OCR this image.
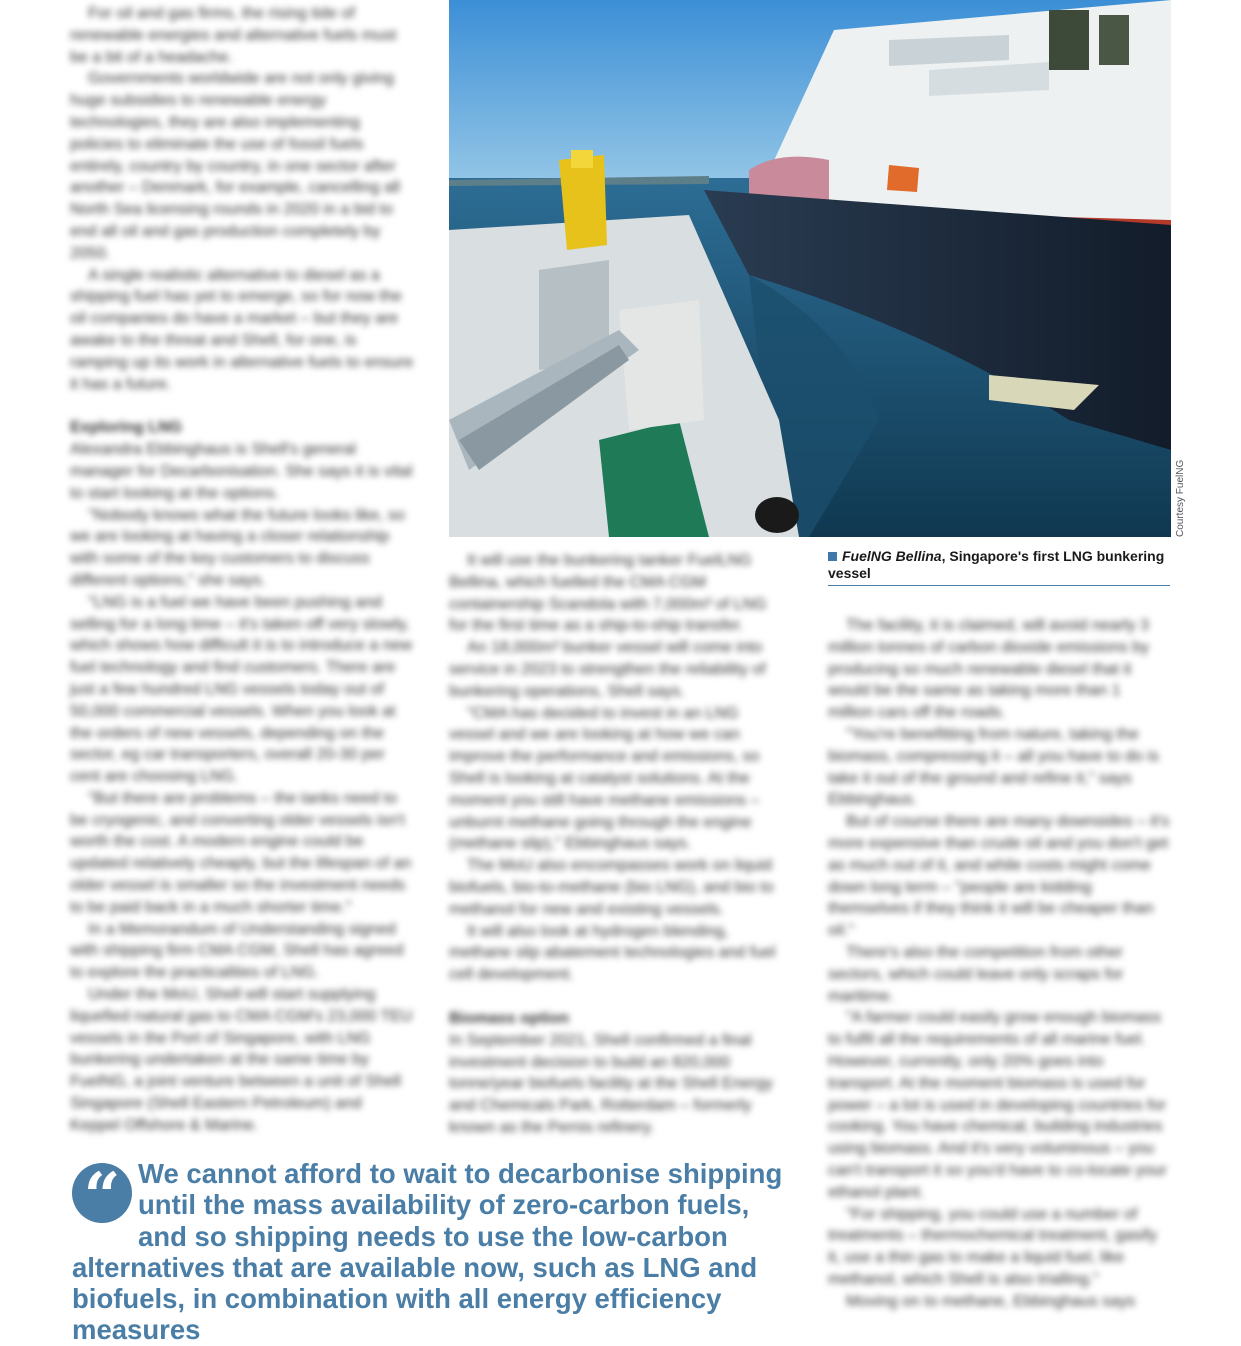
For oil and gas firms, the rising tide of renewable energies and alternative fuels must be a bit of a headache.

Governments worldwide are not only giving huge subsidies to renewable energy technologies, they are also implementing policies to eliminate the use of fossil fuels entirely, country by country, in one sector after another – Denmark, for example, cancelling all North Sea licensing rounds in 2020 in a bid to end all oil and gas production completely by 2050.

A single realistic alternative to diesel as a shipping fuel has yet to emerge, so for now the oil companies do have a market – but they are awake to the threat and Shell, for one, is ramping up its work in alternative fuels to ensure it has a future.

Exploring LNG

Alexandra Ebbinghaus is Shell's general manager for Decarbonisation. She says it is vital to start looking at the options.

"Nobody knows what the future looks like, so we are looking at having a closer relationship with some of the key customers to discuss different options," she says.

"LNG is a fuel we have been pushing and selling for a long time – it's taken off very slowly, which shows how difficult it is to introduce a new fuel technology and find customers. There are just a few hundred LNG vessels today out of 50,000 commercial vessels. When you look at the orders of new vessels, depending on the sector, eg car transporters, overall 20-30 per cent are choosing LNG.

"But there are problems – the tanks need to be cryogenic, and converting older vessels isn't worth the cost. A modern engine could be updated relatively cheaply, but the lifespan of an older vessel is smaller so the investment needs to be paid back in a much shorter time."

In a Memorandum of Understanding signed with shipping firm CMA CGM, Shell has agreed to explore the practicalities of LNG.

Under the MoU, Shell will start supplying liquefied natural gas to CMA CGM's 23,000 TEU vessels in the Port of Singapore, with LNG bunkering undertaken at the same time by FuelNG, a joint venture between a unit of Shell Singapore (Shell Eastern Petroleum) and Keppel Offshore & Marine.

Courtesy FuelNG
FuelNG Bellina, Singapore's first LNG bunkering vessel

It will use the bunkering tanker FuelLNG Bellina, which fuelled the CMA CGM containership Scandola with 7,000m³ of LNG for the first time as a ship-to-ship transfer.

An 18,000m³ bunker vessel will come into service in 2023 to strengthen the reliability of bunkering operations, Shell says.

"CMA has decided to invest in an LNG vessel and we are looking at how we can improve the performance and emissions, so Shell is looking at catalyst solutions. At the moment you still have methane emissions – unburnt methane going through the engine (methane slip)," Ebbinghaus says.

The MoU also encompasses work on liquid biofuels, bio-to-methane (bio LNG), and bio to methanol for new and existing vessels.

It will also look at hydrogen blending, methane slip abatement technologies and fuel cell development.

Biomass option

In September 2021, Shell confirmed a final investment decision to build an 820,000 tonne/year biofuels facility at the Shell Energy and Chemicals Park, Rotterdam – formerly known as the Pernis refinery.

The facility, it is claimed, will avoid nearly 3 million tonnes of carbon dioxide emissions by producing so much renewable diesel that it would be the same as taking more than 1 million cars off the roads.

"You're benefitting from nature, taking the biomass, compressing it – all you have to do is take it out of the ground and refine it," says Ebbinghaus.

But of course there are many downsides – it's more expensive than crude oil and you don't get as much out of it, and while costs might come down long term – "people are kidding themselves if they think it will be cheaper than oil."

There's also the competition from other sectors, which could leave only scraps for maritime.

"A farmer could easily grow enough biomass to fulfil all the requirements of all marine fuel. However, currently, only 20% goes into transport. At the moment biomass is used for power – a lot is used in developing countries for cooking. You have chemical, building industries using biomass. And it's very voluminous – you can't transport it so you'd have to co-locate your ethanol plant.

"For shipping, you could use a number of treatments – thermochemical treatment, gasify it, use a thin gas to make a liquid fuel, like methanol, which Shell is also trialling."

Moving on to methane, Ebbinghaus says

“ We cannot afford to wait to decarbonise shipping until the mass availability of zero-carbon fuels, and so shipping needs to use the low-carbon alternatives that are available now, such as LNG and biofuels, in combination with all energy efficiency measures
